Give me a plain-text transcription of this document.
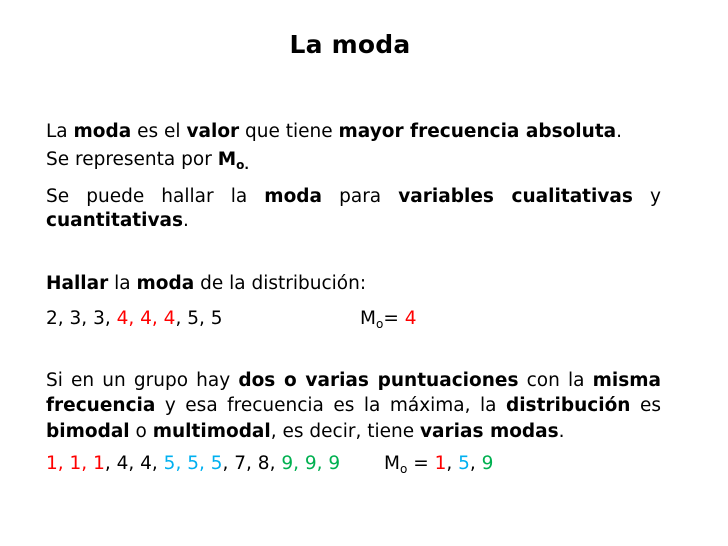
La moda
La moda es el valor que tiene mayor frecuencia absoluta.
Se representa por $M_{o.}$
Se puede hallar la moda para variables cualitativas y
cuantitativas.
Hallar la moda de la distribución:
2, 3, 3, 4, 4, 4, 5, 5	$M_o= 4$
Si en un grupo hay dos o varias puntuaciones con la misma
frecuencia y esa frecuencia es la máxima, la distribución es
bimodal o multimodal, es decir, tiene varias modas.
1, 1, 1, 4, 4, 5, 5, 5, 7, 8, 9, 9, 9	$M_o = 1$, 5, 9
